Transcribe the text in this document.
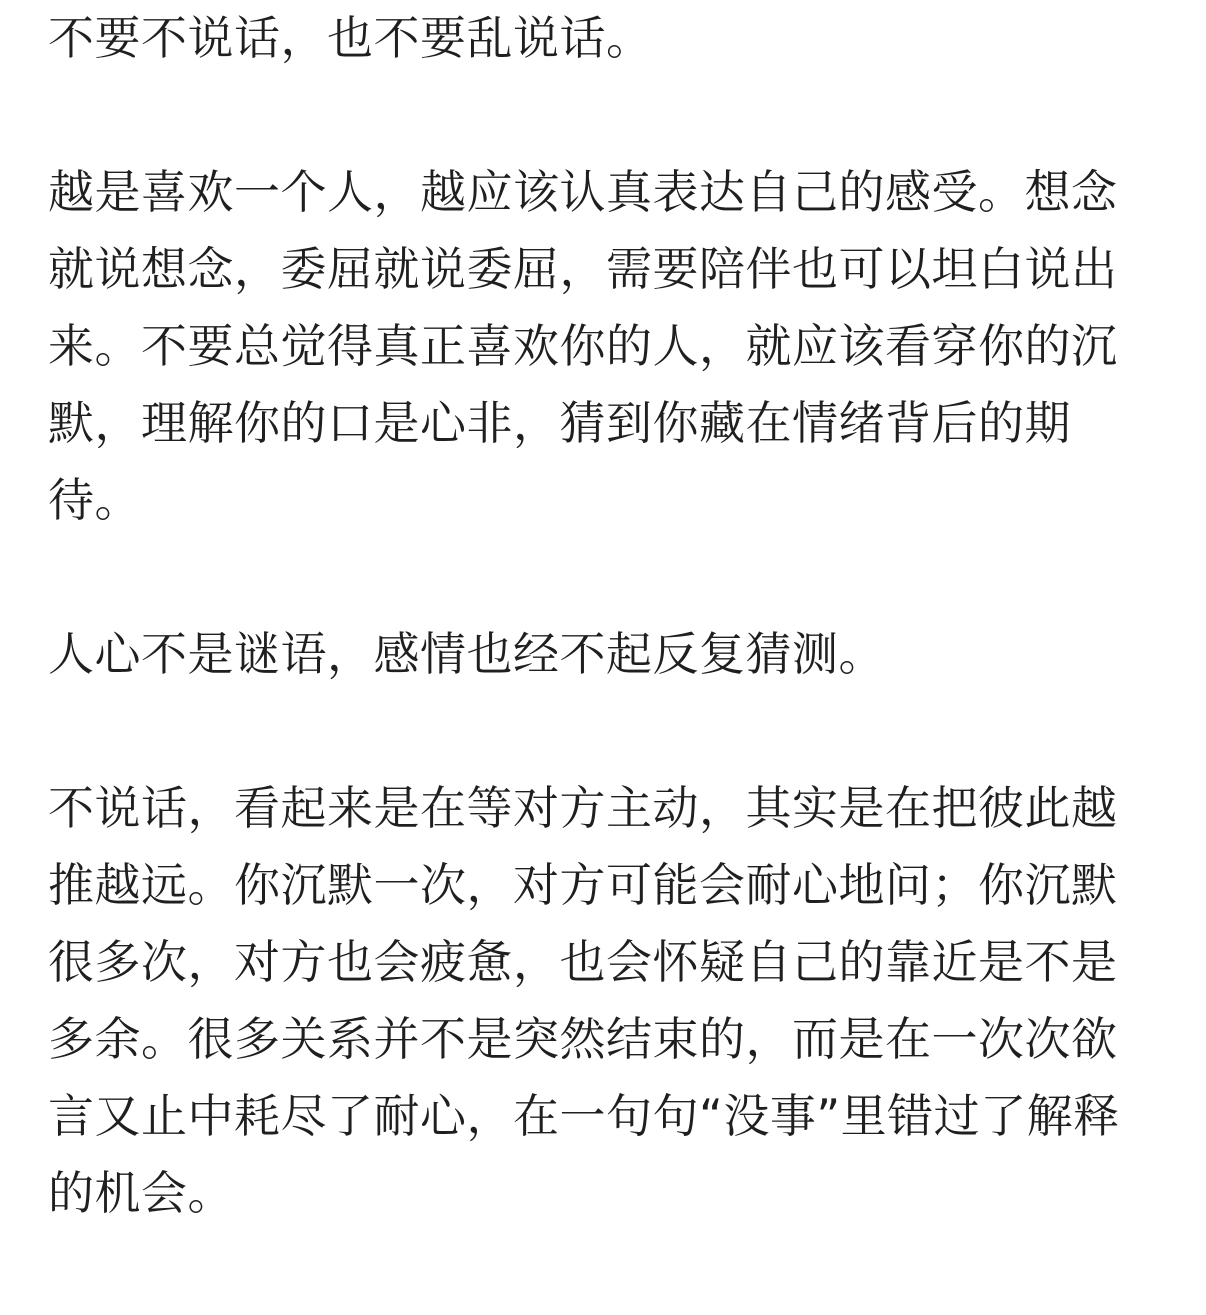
不要不说话，也不要乱说话。

越是喜欢一个人，越应该认真表达自己的感受。想念就说想念，委屈就说委屈，需要陪伴也可以坦白说出来。不要总觉得真正喜欢你的人，就应该看穿你的沉默，理解你的口是心非，猜到你藏在情绪背后的期待。

人心不是谜语，感情也经不起反复猜测。

不说话，看起来是在等对方主动，其实是在把彼此越推越远。你沉默一次，对方可能会耐心地问；你沉默很多次，对方也会疲惫，也会怀疑自己的靠近是不是多余。很多关系并不是突然结束的，而是在一次次欲言又止中耗尽了耐心，在一句句“没事”里错过了解释的机会。
